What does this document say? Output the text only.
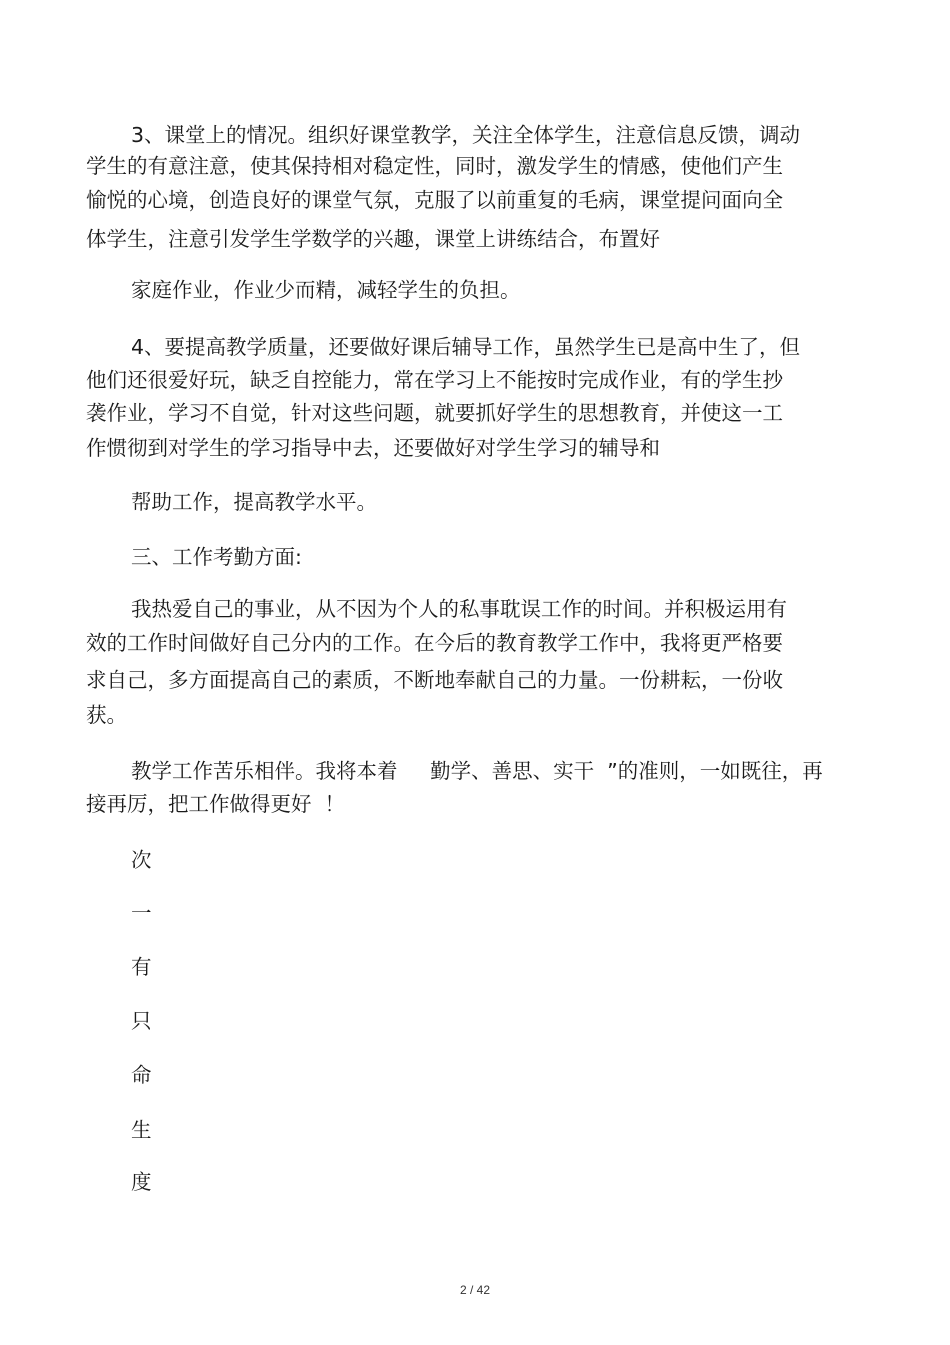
3、课堂上的情况。组织好课堂教学，关注全体学生，注意信息反馈，调动
学生的有意注意，使其保持相对稳定性，同时，激发学生的情感，使他们产生
愉悦的心境，创造良好的课堂气氛，克服了以前重复的毛病，课堂提问面向全
体学生，注意引发学生学数学的兴趣，课堂上讲练结合，布置好
家庭作业，作业少而精，减轻学生的负担。
4、要提高教学质量，还要做好课后辅导工作，虽然学生已是高中生了，但
他们还很爱好玩，缺乏自控能力，常在学习上不能按时完成作业，有的学生抄
袭作业，学习不自觉，针对这些问题，就要抓好学生的思想教育，并使这一工
作惯彻到对学生的学习指导中去，还要做好对学生学习的辅导和
帮助工作，提高教学水平。
三、工作考勤方面:
我热爱自己的事业，从不因为个人的私事耽误工作的时间。并积极运用有
效的工作时间做好自己分内的工作。在今后的教育教学工作中，我将更严格要
求自己，多方面提高自己的素质，不断地奉献自己的力量。一份耕耘，一份收
获。
教学工作苦乐相伴。我将本着     勤学、善思、实干  ”的准则，一如既往，再
接再厉，把工作做得更好  ！
次
一
有
只
命
生
度
2 / 42
